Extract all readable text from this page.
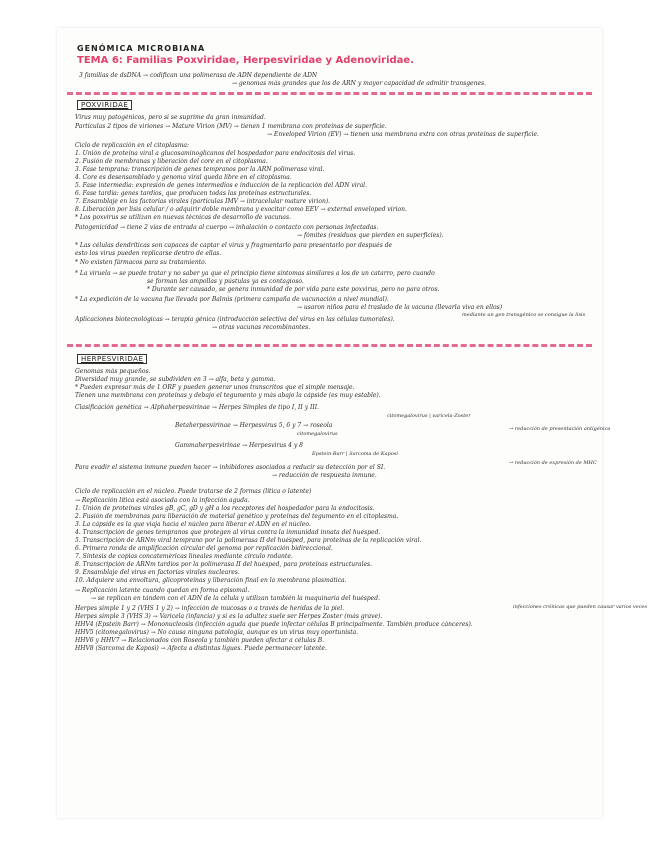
GENÓMICA MICROBIANA
TEMA 6: Familias Poxviridae, Herpesviridae y Adenoviridae.
3 familias de dsDNA → codifican una polimerasa de ADN dependiente de ADN
→ genomas más grandes que los de ARN y mayor capacidad de admitir transgenes.
POXVIRIDAE
Virus muy patogénicos, pero si se suprime da gran inmunidad.
Partículas 2 tipos de viriones → Mature Virion (MV) → tienen 1 membrana con proteínas de superficie.
→ Enveloped Virion (EV) → tienen una membrana extra con otras proteínas de superficie.
Ciclo de replicación en el citoplasma:
1. Unión de proteína viral a glucosaminoglicanos del hospedador para endocitosis del virus.
2. Fusión de membranas y liberación del core en el citoplasma.
3. Fase temprana: transcripción de genes tempranos por la ARN polimerasa viral.
4. Core es desensamblado y genoma viral queda libre en el citoplasma.
5. Fase intermedia: expresión de genes intermedios e inducción de la replicación del ADN viral.
6. Fase tardía: genes tardíos, que producen todas las proteínas estructurales.
7. Ensamblaje en las factorías virales (partículas IMV → intracelular mature virion).
8. Liberación por lisis celular / o adquirir doble membrana y exocitar como EEV → external enveloped virion.
* Los poxvirus se utilizan en nuevas técnicas de desarrollo de vacunas.
Patogenicidad → tiene 2 vías de entrada al cuerpo → inhalación o contacto con personas infectadas.
→ fómites (residuos que pierden en superficies).
* Las células dendríticas son capaces de captar el virus y fragmentarlo para presentarlo por después de
esto los virus pueden replicarse dentro de ellas.
* No existen fármacos para su tratamiento.
* La viruela → se puede tratar y no saber ya que el principio tiene síntomas similares a los de un catarro, pero cuando
se forman las ampollas y pústulas ya es contagioso.
* Durante ser causado, se genera inmunidad de por vida para este poxvirus, pero no para otros.
* La expedición de la vacuna fue llevada por Balmis (primera campaña de vacunación a nivel mundial).
→ usaron niños para el traslado de la vacuna (llevarla viva en ellos)
Aplicaciones biotecnológicas → terapia génica (introducción selectiva del virus en las células tumorales).
→ otras vacunas recombinantes.
mediante un gen transgénico se consigue la lisis
HERPESVIRIDAE
Genomas más pequeños.
Diversidad muy grande, se subdividen en 3 → alfa, beta y gamma.
* Pueden expresar más de 1 ORF y pueden generar unos transcritos que el simple mensaje.
Tienen una membrana con proteínas y debajo el tegumento y más abajo la cápside (es muy estable).
Clasificación genética → Alphaherpesvirinae → Herpes Simples de tipo I, II y III.
citomegalovirus | varicela-Zoster
Betaherpesvirinae → Herpesvirus 5, 6 y 7 → roseola
citomegalovirus
Gammaherpesvirinae → Herpesvirus 4 y 8
Epstein-Barr | Sarcoma de Kaposi
Para evadir el sistema inmune pueden hacer → inhibidores asociados a reducir su detección por el SI.
→ reducción de respuesta inmune.
→ reducción de presentación antigénica
→ reducción de expresión de MHC
Ciclo de replicación en el núcleo. Puede tratarse de 2 formas (lítica o latente)
→ Replicación lítica está asociada con la infección aguda.
1. Unión de proteínas virales gB, gC, gD y gH a los receptores del hospedador para la endocitosis.
2. Fusión de membranas para liberación de material genético y proteínas del tegumento en el citoplasma.
3. La cápside es la que viaja hacia el núcleo para liberar el ADN en el núcleo.
4. Transcripción de genes tempranos que protegen al virus contra la inmunidad innata del huésped.
5. Transcripción de ARNm viral temprano por la polimerasa II del huésped, para proteínas de la replicación viral.
6. Primera ronda de amplificación circular del genoma por replicación bidireccional.
7. Síntesis de copias concateméricas lineales mediante círculo rodante.
8. Transcripción de ARNm tardíos por la polimerasa II del huésped, para proteínas estructurales.
9. Ensamblaje del virus en factorías virales nucleares.
10. Adquiere una envoltura, glicoproteínas y liberación final en la membrana plasmática.
→ Replicación latente cuando quedan en forma episomal.
→ se replican en tándem con el ADN de la célula y utilizan también la maquinaria del huésped.
Herpes simple 1 y 2 (VHS 1 y 2) → infección de mucosas o a través de heridas de la piel.
Herpes simple 3 (VHS 3) → Varicela (infancia) y si es la adultez suele ser Herpes Zoster (más grave).
HHV4 (Epstein Barr) → Mononucleosis (infección aguda que puede infectar células B principalmente. También produce cánceres).
HHV5 (citomegalovirus) → No causa ninguna patología, aunque es un virus muy oportunista.
HHV6 y HHV7 → Relacionados con Roseola y también pueden afectar a células B.
HHV8 (Sarcoma de Kaposi) → Afecta a distintas ligues. Puede permanecer latente.
infecciones crónicas que pueden causar varios veces
